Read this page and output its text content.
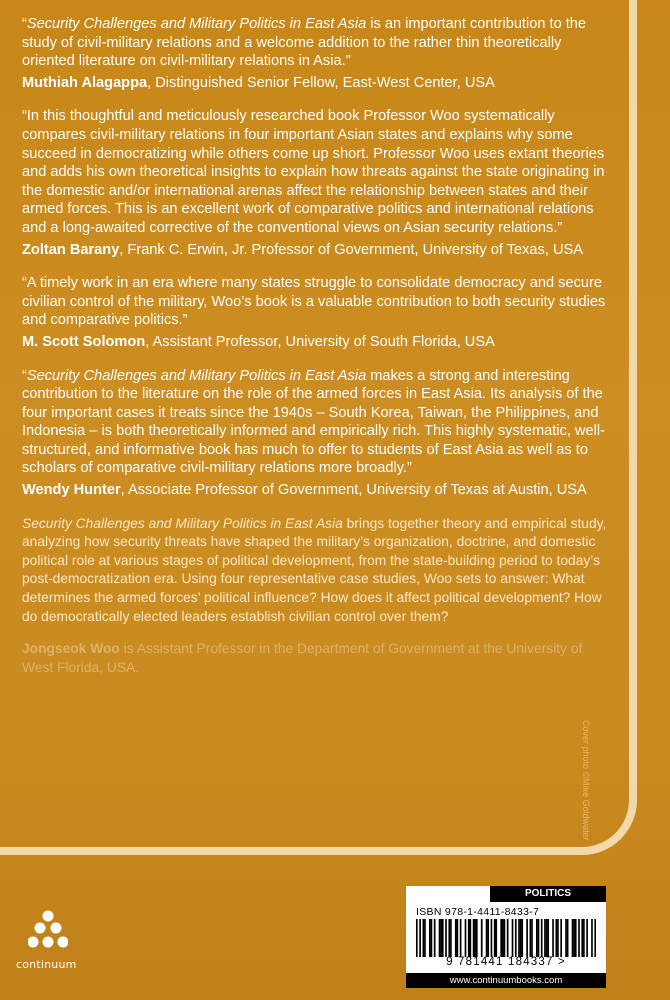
“Security Challenges and Military Politics in East Asia is an important contribution to the study of civil-military relations and a welcome addition to the rather thin theoretically oriented literature on civil-military relations in Asia."

Muthiah Alagappa, Distinguished Senior Fellow, East-West Center, USA

“In this thoughtful and meticulously researched book Professor Woo systematically compares civil-military relations in four important Asian states and explains why some succeed in democratizing while others come up short. Professor Woo uses extant theories and adds his own theoretical insights to explain how threats against the state originating in the domestic and/or international arenas affect the relationship between states and their armed forces. This is an excellent work of comparative politics and international relations and a long-awaited corrective of the conventional views on Asian security relations.”

Zoltan Barany, Frank C. Erwin, Jr. Professor of Government, University of Texas, USA

“A timely work in an era where many states struggle to consolidate democracy and secure civilian control of the military, Woo’s book is a valuable contribution to both security studies and comparative politics.”

M. Scott Solomon, Assistant Professor, University of South Florida, USA

“Security Challenges and Military Politics in East Asia makes a strong and interesting contribution to the literature on the role of the armed forces in East Asia. Its analysis of the four important cases it treats since the 1940s – South Korea, Taiwan, the Philippines, and Indonesia – is both theoretically informed and empirically rich. This highly systematic, well-structured, and informative book has much to offer to students of East Asia as well as to scholars of comparative civil-military relations more broadly.”

Wendy Hunter, Associate Professor of Government, University of Texas at Austin, USA

Security Challenges and Military Politics in East Asia brings together theory and empirical study, analyzing how security threats have shaped the military’s organization, doctrine, and domestic political role at various stages of political development, from the state-building period to today’s post-democratization era. Using four representative case studies, Woo sets to answer: What determines the armed forces’ political influence? How does it affect political development? How do democratically elected leaders establish civilian control over them?

Jongseok Woo is Assistant Professor in the Department of Government at the University of West Florida, USA.

Cover photo ©Mike Goldwater
continuum
POLITICS
ISBN 978-1-4411-8433-7
9 781441 184337 >
www.continuumbooks.com
